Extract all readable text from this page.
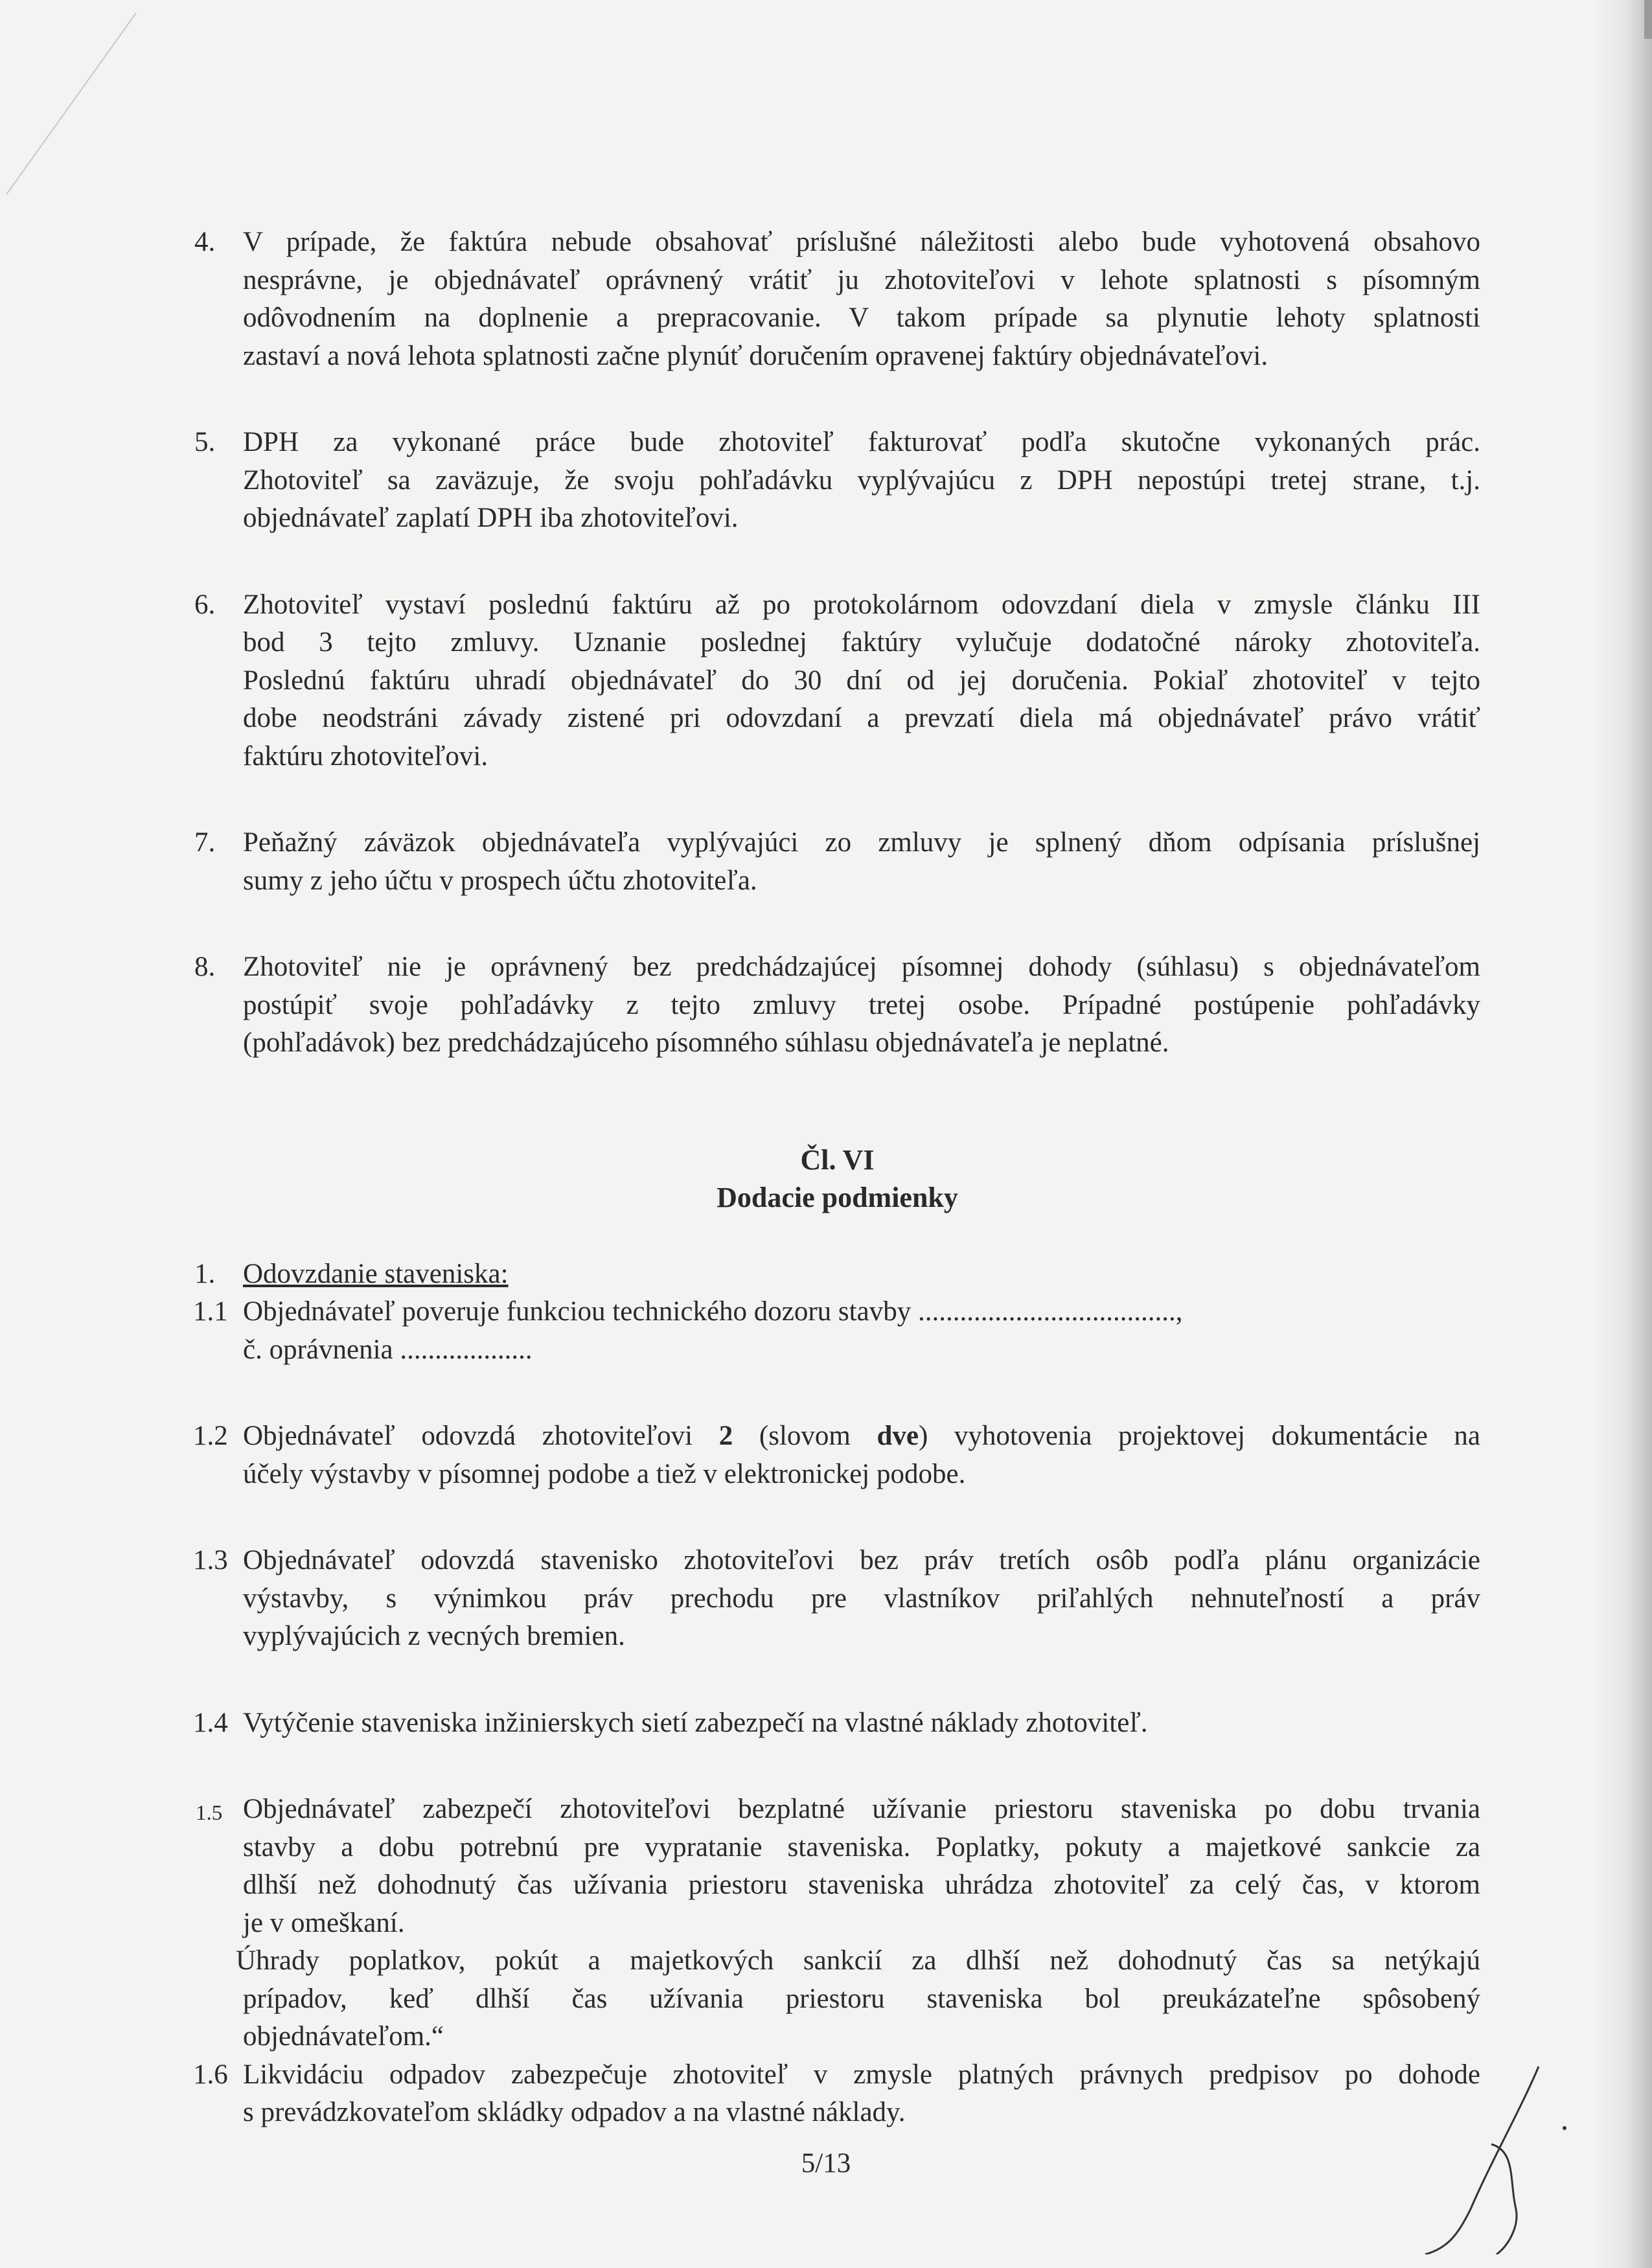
4. V prípade, že faktúra nebude obsahovať príslušné náležitosti alebo bude vyhotovená obsahovo
nesprávne, je objednávateľ oprávnený vrátiť ju zhotoviteľovi v lehote splatnosti s písomným
odôvodnením na doplnenie a prepracovanie. V takom prípade sa plynutie lehoty splatnosti
zastaví a nová lehota splatnosti začne plynúť doručením opravenej faktúry objednávateľovi.
5. DPH za vykonané práce bude zhotoviteľ fakturovať podľa skutočne vykonaných prác.
Zhotoviteľ sa zaväzuje, že svoju pohľadávku vyplývajúcu z DPH nepostúpi tretej strane, t.j.
objednávateľ zaplatí DPH iba zhotoviteľovi.
6. Zhotoviteľ vystaví poslednú faktúru až po protokolárnom odovzdaní diela v zmysle článku III
bod 3 tejto zmluvy. Uznanie poslednej faktúry vylučuje dodatočné nároky zhotoviteľa.
Poslednú faktúru uhradí objednávateľ do 30 dní od jej doručenia. Pokiaľ zhotoviteľ v tejto
dobe neodstráni závady zistené pri odovzdaní a prevzatí diela má objednávateľ právo vrátiť
faktúru zhotoviteľovi.
7. Peňažný záväzok objednávateľa vyplývajúci zo zmluvy je splnený dňom odpísania príslušnej
sumy z jeho účtu v prospech účtu zhotoviteľa.
8. Zhotoviteľ nie je oprávnený bez predchádzajúcej písomnej dohody (súhlasu) s objednávateľom
postúpiť svoje pohľadávky z tejto zmluvy tretej osobe. Prípadné postúpenie pohľadávky
(pohľadávok) bez predchádzajúceho písomného súhlasu objednávateľa je neplatné.
Čl. VI
Dodacie podmienky
1. Odovzdanie staveniska:
1.1 Objednávateľ poveruje funkciou technického dozoru stavby .....................................,
č. oprávnenia ...................
1.2 Objednávateľ odovzdá zhotoviteľovi 2 (slovom dve) vyhotovenia projektovej dokumentácie na
účely výstavby v písomnej podobe a tiež v elektronickej podobe.
1.3 Objednávateľ odovzdá stavenisko zhotoviteľovi bez práv tretích osôb podľa plánu organizácie
výstavby, s výnimkou práv prechodu pre vlastníkov priľahlých nehnuteľností a práv
vyplývajúcich z vecných bremien.
1.4 Vytýčenie staveniska inžinierskych sietí zabezpečí na vlastné náklady zhotoviteľ.
1.5 Objednávateľ zabezpečí zhotoviteľovi bezplatné užívanie priestoru staveniska po dobu trvania
stavby a dobu potrebnú pre vypratanie staveniska. Poplatky, pokuty a majetkové sankcie za
dlhší než dohodnutý čas užívania priestoru staveniska uhrádza zhotoviteľ za celý čas, v ktorom
je v omeškaní.
Úhrady poplatkov, pokút a majetkových sankcií za dlhší než dohodnutý čas sa netýkajú
prípadov, keď dlhší čas užívania priestoru staveniska bol preukázateľne spôsobený
objednávateľom.“
1.6 Likvidáciu odpadov zabezpečuje zhotoviteľ v zmysle platných právnych predpisov po dohode
s prevádzkovateľom skládky odpadov a na vlastné náklady.
5/13
